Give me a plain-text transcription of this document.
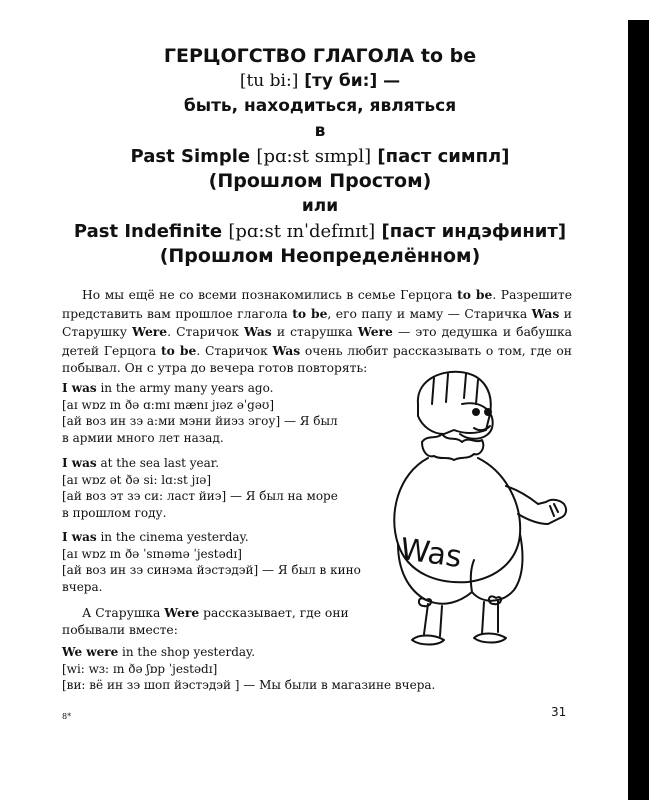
ГЕРЦОГСТВО ГЛАГОЛА to be
[tu bi:] [ту би:] —
быть, находиться, являться
в
Past Simple [pɑ:st sɪmpl] [паст симпл]
(Прошлом Простом)
или
Past Indefinite [pɑ:st ɪnˈdefɪnɪt] [паст индэфинит]
(Прошлом Неопределённом)
Но мы ещё не со всеми познакомились в семье Герцога to be. Разрешите представить вам прошлое глагола to be, его папу и маму — Старичка Was и Старушку Were. Старичок Was и старушка Were — это дедушка и бабушка детей Герцога to be. Старичок Was очень любит рассказывать о том, где он побывал. Он с утра до вечера готов повторять:
I was in the army many years ago.
[aɪ wɒz ɪn ðə ɑ:mɪ mænɪ jɪəz əˈgəʊ]
[ай воз ин зэ а:ми мэни йиэз эгоу] — Я был
в армии много лет назад.
I was at the sea last year.
[aɪ wɒz ət ðə si: lɑ:st jɪə]
[ай воз эт зэ си: ласт йиэ] — Я был на море
в прошлом году.
I was in the cinema yesterday.
[aɪ wɒz ɪn ðə ˈsɪnəmə ˈjestədɪ]
[ай воз ин зэ синэма йэстэдэй] — Я был в кино
вчера.
А Старушка Were рассказывает, где они побывали вместе:
We were in the shop yesterday.
[wi: wɜ: ɪn ðə ʃɒp ˈjestədɪ]
[ви: вё ин зэ шоп йэстэдэй ] — Мы были в магазине вчера.
Was
31
8*
